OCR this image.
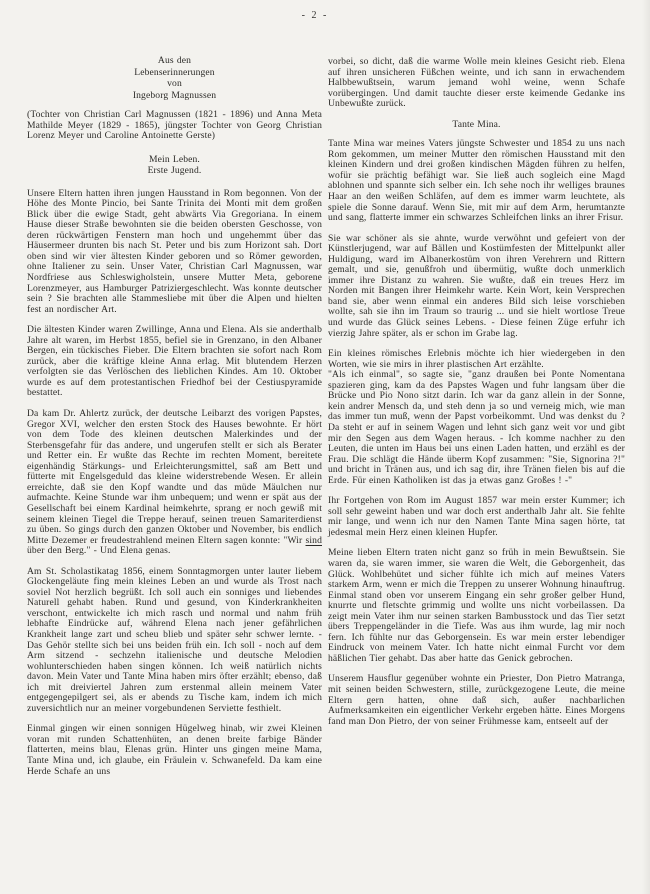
- 2 -
Aus den
Lebenserinnerungen
von
Ingeborg Magnussen

(Tochter von Christian Carl Magnussen (1821 - 1896) und Anna Meta Mathilde Meyer (1829 - 1865), jüngster Tochter von Georg Christian Lorenz Meyer und Caroline Antoinette Gerste)

Mein Leben.
Erste Jugend.

Unsere Eltern hatten ihren jungen Hausstand in Rom begonnen. Von der Höhe des Monte Pincio, bei Sante Trinita dei Monti mit dem großen Blick über die ewige Stadt, geht abwärts Via Gregoriana. In einem Hause dieser Straße bewohnten sie die beiden obersten Geschosse, von deren rückwärtigen Fenstern man hoch und ungehemmt über das Häusermeer drunten bis nach St. Peter und bis zum Horizont sah. Dort oben sind wir vier ältesten Kinder geboren und so Römer geworden, ohne Italiener zu sein. Unser Vater, Christian Carl Magnussen, war Nordfriese aus Schleswigholstein, unsere Mutter Meta, geborene Lorenzmeyer, aus Hamburger Patriziergeschlecht. Was konnte deutscher sein ? Sie brachten alle Stammesliebe mit über die Alpen und hielten fest an nordischer Art.

Die ältesten Kinder waren Zwillinge, Anna und Elena. Als sie anderthalb Jahre alt waren, im Herbst 1855, befiel sie in Grenzano, in den Albaner Bergen, ein tückisches Fieber. Die Eltern brachten sie sofort nach Rom zurück, aber die kräftige kleine Anna erlag. Mit blutendem Herzen verfolgten sie das Verlöschen des lieblichen Kindes. Am 10. Oktober wurde es auf dem protestantischen Friedhof bei der Cestiuspyramide bestattet.

Da kam Dr. Ahlertz zurück, der deutsche Leibarzt des vorigen Papstes, Gregor XVI, welcher den ersten Stock des Hauses bewohnte. Er hört von dem Tode des kleinen deutschen Malerkindes und der Sterbensgefahr für das andere, und ungerufen stellt er sich als Berater und Retter ein. Er wußte das Rechte im rechten Moment, bereitete eigenhändig Stärkungs- und Erleichterungsmittel, saß am Bett und fütterte mit Engelsgeduld das kleine widerstrebende Wesen. Er allein erreichte, daß sie den Kopf wandte und das müde Mäulchen nur aufmachte. Keine Stunde war ihm unbequem; und wenn er spät aus der Gesellschaft bei einem Kardinal heimkehrte, sprang er noch gewiß mit seinem kleinen Tiegel die Treppe herauf, seinen treuen Samariterdienst zu üben. So gings durch den ganzen Oktober und November, bis endlich Mitte Dezemer er freudestrahlend meinen Eltern sagen konnte: "Wir sind über den Berg." - Und Elena genas.

Am St. Scholastikatag 1856, einem Sonntagmorgen unter lauter liebem Glockengeläute fing mein kleines Leben an und wurde als Trost nach soviel Not herzlich begrüßt. Ich soll auch ein sonniges und liebendes Naturell gehabt haben. Rund und gesund, von Kinderkrankheiten verschont, entwickelte ich mich rasch und normal und nahm früh lebhafte Eindrücke auf, während Elena nach jener gefährlichen Krankheit lange zart und scheu blieb und später sehr schwer lernte. - Das Gehör stellte sich bei uns beiden früh ein. Ich soll - noch auf dem Arm sitzend - sechzehn italienische und deutsche Melodien wohlunterschieden haben singen können. Ich weiß natürlich nichts davon. Mein Vater und Tante Mina haben mirs öfter erzählt; ebenso, daß ich mit dreiviertel Jahren zum erstenmal allein meinem Vater entgegengepilgert sei, als er abends zu Tische kam, indem ich mich zuversichtlich nur an meiner vorgebundenen Serviette festhielt.

Einmal gingen wir einen sonnigen Hügelweg hinab, wir zwei Kleinen voran mit runden Schattenhüten, an denen breite farbige Bänder flatterten, meins blau, Elenas grün. Hinter uns gingen meine Mama, Tante Mina und, ich glaube, ein Fräulein v. Schwanefeld. Da kam eine Herde Schafe an uns

vorbei, so dicht, daß die warme Wolle mein kleines Gesicht rieb. Elena auf ihren unsicheren Füßchen weinte, und ich sann in erwachendem Halbbewußtsein, warum jemand wohl weine, wenn Schafe vorübergingen. Und damit tauchte dieser erste keimende Gedanke ins Unbewußte zurück.

Tante Mina.

Tante Mina war meines Vaters jüngste Schwester und 1854 zu uns nach Rom gekommen, um meiner Mutter den römischen Hausstand mit den kleinen Kindern und drei großen kindischen Mägden führen zu helfen, wofür sie prächtig befähigt war. Sie ließ auch sogleich eine Magd ablohnen und spannte sich selber ein. Ich sehe noch ihr welliges braunes Haar an den weißen Schläfen, auf dem es immer warm leuchtete, als spiele die Sonne darauf. Wenn Sie, mit mir auf dem Arm, herumtanzte und sang, flatterte immer ein schwarzes Schleifchen links an ihrer Frisur.

Sie war schöner als sie ahnte, wurde verwöhnt und gefeiert von der Künstlerjugend, war auf Bällen und Kostümfesten der Mittelpunkt aller Huldigung, ward im Albanerkostüm von ihren Verehrern und Rittern gemalt, und sie, genußfroh und übermütig, wußte doch unmerklich immer ihre Distanz zu wahren. Sie wußte, daß ein treues Herz im Norden mit Bangen ihrer Heimkehr warte. Kein Wort, kein Versprechen band sie, aber wenn einmal ein anderes Bild sich leise vorschieben wollte, sah sie ihn im Traum so traurig ... und sie hielt wortlose Treue und wurde das Glück seines Lebens. - Diese feinen Züge erfuhr ich vierzig Jahre später, als er schon im Grabe lag.

Ein kleines römisches Erlebnis möchte ich hier wiedergeben in den Worten, wie sie mirs in ihrer plastischen Art erzählte.

"Als ich einmal", so sagte sie, "ganz draußen bei Ponte Nomentana spazieren ging, kam da des Papstes Wagen und fuhr langsam über die Brücke und Pio Nono sitzt darin. Ich war da ganz allein in der Sonne, kein andrer Mensch da, und steh denn ja so und verneig mich, wie man das immer tun muß, wenn der Papst vorbeikommt. Und was denkst du ? Da steht er auf in seinem Wagen und lehnt sich ganz weit vor und gibt mir den Segen aus dem Wagen heraus. - Ich komme nachher zu den Leuten, die unten im Haus bei uns einen Laden hatten, und erzähl es der Frau. Die schlägt die Hände überm Kopf zusammen: "Sie, Signorina ?!" und bricht in Tränen aus, und ich sag dir, ihre Tränen fielen bis auf die Erde. Für einen Katholiken ist das ja etwas ganz Großes ! -"

Ihr Fortgehen von Rom im August 1857 war mein erster Kummer; ich soll sehr geweint haben und war doch erst anderthalb Jahr alt. Sie fehlte mir lange, und wenn ich nur den Namen Tante Mina sagen hörte, tat jedesmal mein Herz einen kleinen Hupfer.

Meine lieben Eltern traten nicht ganz so früh in mein Bewußtsein. Sie waren da, sie waren immer, sie waren die Welt, die Geborgenheit, das Glück. Wohlbehütet und sicher fühlte ich mich auf meines Vaters starkem Arm, wenn er mich die Treppen zu unserer Wohnung hinauftrug. Einmal stand oben vor unserem Eingang ein sehr großer gelber Hund, knurrte und fletschte grimmig und wollte uns nicht vorbeilassen. Da zeigt mein Vater ihm nur seinen starken Bambusstock und das Tier setzt übers Treppengeländer in die Tiefe. Was aus ihm wurde, lag mir noch fern. Ich fühlte nur das Geborgensein. Es war mein erster lebendiger Eindruck von meinem Vater. Ich hatte nicht einmal Furcht vor dem häßlichen Tier gehabt. Das aber hatte das Genick gebrochen.

Unserem Hausflur gegenüber wohnte ein Priester, Don Pietro Matranga, mit seinen beiden Schwestern, stille, zurückgezogene Leute, die meine Eltern gern hatten, ohne daß sich, außer nachbarlichen Aufmerksamkeiten ein eigentlicher Verkehr ergeben hätte. Eines Morgens fand man Don Pietro, der von seiner Frühmesse kam, entseelt auf der
